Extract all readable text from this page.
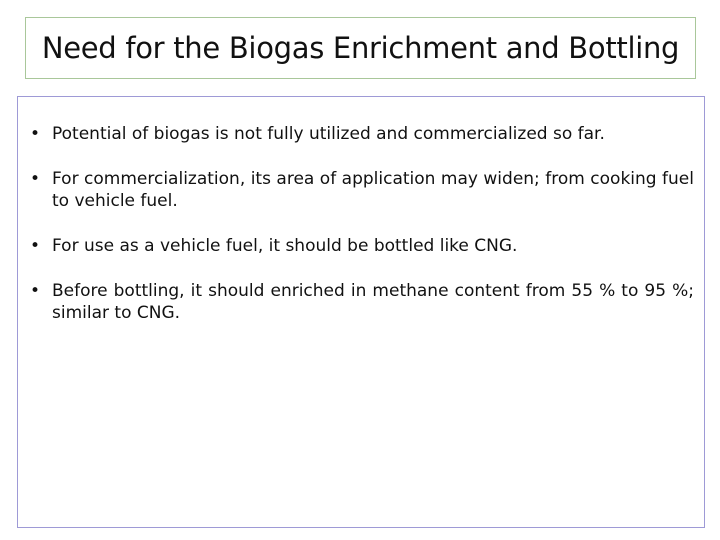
Need for the Biogas Enrichment and Bottling
• Potential of biogas is not fully utilized and commercialized so far.
• For commercialization, its area of application may widen; from cooking fuel to vehicle fuel.
• For use as a vehicle fuel, it should be bottled like CNG.
• Before bottling, it should enriched in methane content from 55 % to 95 %; similar to CNG.
